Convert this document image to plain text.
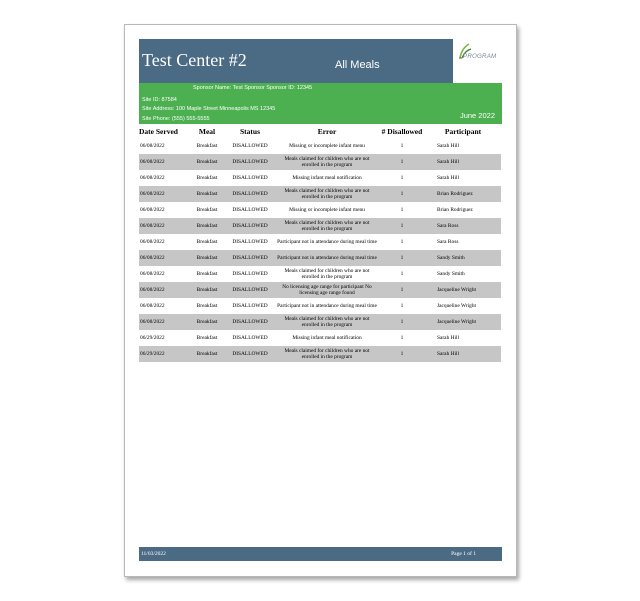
Test Center #2	All Meals
PROGRAM
Sponsor Name: Test Sponsor Sponsor ID: 12345
Site ID: 87584
Site Address: 100 Maple Street Minneapolis MS 12345
Site Phone: (555) 555-5555	June 2022
Date Served	Meal	Status	Error	# Disallowed	Participant

06/08/2022	Breakfast	DISALLOWED	Missing or incomplete infant menu	1	Sarah Hill
06/08/2022	Breakfast	DISALLOWED	Meals claimed for children who are not enrolled in the program	1	Sarah Hill
06/08/2022	Breakfast	DISALLOWED	Missing infant meal notification	1	Sarah Hill
06/08/2022	Breakfast	DISALLOWED	Meals claimed for children who are not enrolled in the program	1	Brian Rodriguez
06/08/2022	Breakfast	DISALLOWED	Missing or incomplete infant menu	1	Brian Rodriguez
06/08/2022	Breakfast	DISALLOWED	Meals claimed for children who are not enrolled in the program	1	Sara Ross
06/08/2022	Breakfast	DISALLOWED	Participant not in attendance during meal time	1	Sara Ross
06/08/2022	Breakfast	DISALLOWED	Participant not in attendance during meal time	1	Sandy Smith
06/08/2022	Breakfast	DISALLOWED	Meals claimed for children who are not enrolled in the program	1	Sandy Smith
06/08/2022	Breakfast	DISALLOWED	No licensing age range for participant No licensing age range found	1	Jacqueline Wright
06/08/2022	Breakfast	DISALLOWED	Participant not in attendance during meal time	1	Jacqueline Wright
06/08/2022	Breakfast	DISALLOWED	Meals claimed for children who are not enrolled in the program	1	Jacqueline Wright
06/29/2022	Breakfast	DISALLOWED	Missing infant meal notification	1	Sarah Hill
06/29/2022	Breakfast	DISALLOWED	Meals claimed for children who are not enrolled in the program	1	Sarah Hill
11/03/2022	Page 1 of 1
